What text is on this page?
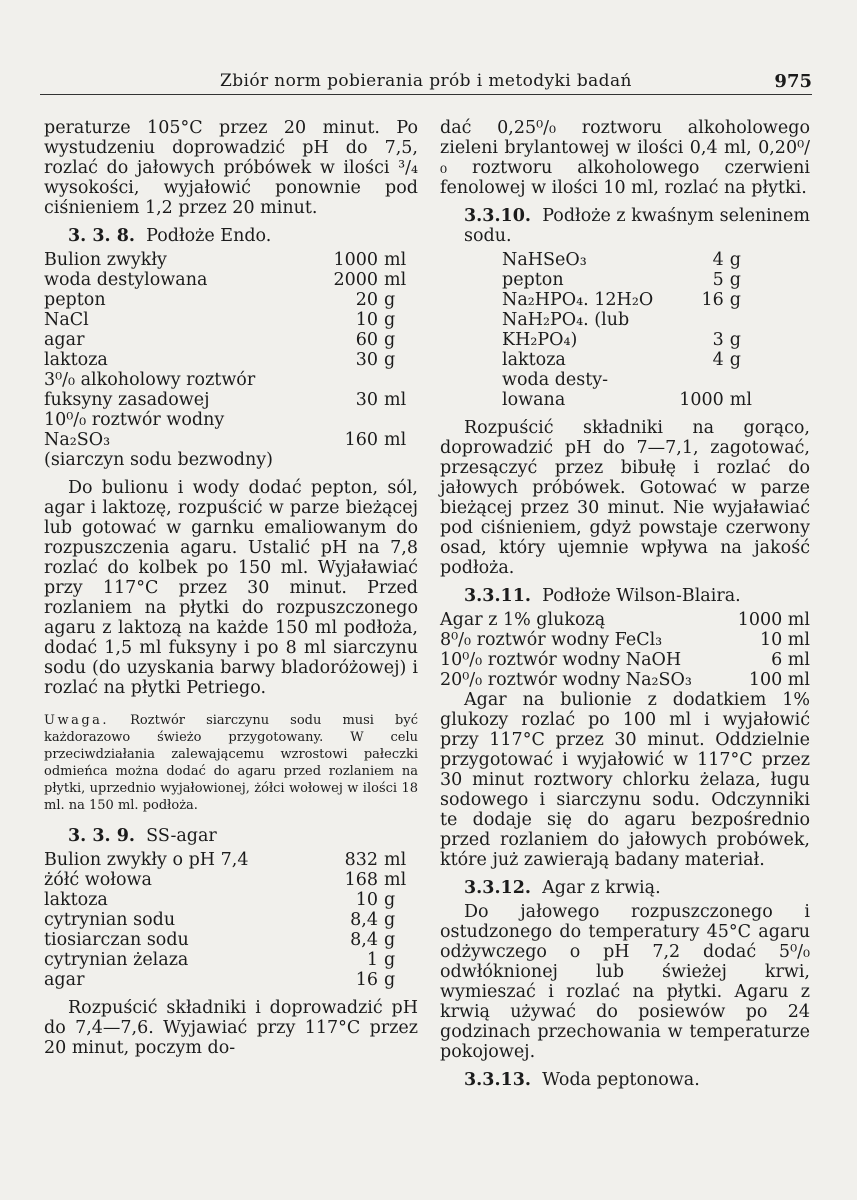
Zbiór norm pobierania prób i metodyki badań	975

peraturze 105°C przez 20 minut. Po wystudzeniu doprowadzić pH do 7,5, rozlać do jałowych próbówek w ilości ³/₄ wysokości, wyjałowić ponownie pod ciśnieniem 1,2 przez 20 minut.

3. 3. 8. Podłoże Endo.
Bulion zwykły	1000	ml
woda destylowana	2000	ml
pepton	20	g
NaCl	10	g
agar	60	g
laktoza	30	g
3⁰/₀ alkoholowy roztwór		
fuksyny zasadowej	30	ml
10⁰/₀ roztwór wodny		
Na₂SO₃	160	ml
(siarczyn sodu bezwodny)		

Do bulionu i wody dodać pepton, sól, agar i laktozę, rozpuścić w parze bieżącej lub gotować w garnku emaliowanym do rozpuszczenia agaru. Ustalić pH na 7,8 rozlać do kolbek po 150 ml. Wyjaławiać przy 117°C przez 30 minut. Przed rozlaniem na płytki do rozpuszczonego agaru z laktozą na każde 150 ml podłoża, dodać 1,5 ml fuksyny i po 8 ml siarczynu sodu (do uzyskania barwy bladoróżowej) i rozlać na płytki Petriego.

Uwaga. Roztwór siarczynu sodu musi być każdorazowo świeżo przygotowany. W celu przeciwdziałania zalewającemu wzrostowi pałeczki odmieńca można dodać do agaru przed rozlaniem na płytki, uprzednio wyjałowionej, żółci wołowej w ilości 18 ml. na 150 ml. podłoża.

3. 3. 9. SS-agar
Bulion zwykły o pH 7,4	832	ml
żółć wołowa	168	ml
laktoza	10	g
cytrynian sodu	8,4	g
tiosiarczan sodu	8,4	g
cytrynian żelaza	1	g
agar	16	g

Rozpuścić składniki i doprowadzić pH do 7,4—7,6. Wyjawiać przy 117°C przez 20 minut, poczym do-

dać 0,25⁰/₀ roztworu alkoholowego zieleni brylantowej w ilości 0,4 ml, 0,20⁰/₀ roztworu alkoholowego czerwieni fenolowej w ilości 10 ml, rozlać na płytki.

3.3.10. Podłoże z kwaśnym seleninem sodu.
NaHSeO₃	4	g
pepton	5	g
Na₂HPO₄. 12H₂O	16	g
NaH₂PO₄. (lub		
KH₂PO₄)	3	g
laktoza	4	g
woda desty-		
lowana	1000	ml

Rozpuścić składniki na gorąco, doprowadzić pH do 7—7,1, zagotować, przesączyć przez bibułę i rozlać do jałowych próbówek. Gotować w parze bieżącej przez 30 minut. Nie wyjaławiać pod ciśnieniem, gdyż powstaje czerwony osad, który ujemnie wpływa na jakość podłoża.

3.3.11. Podłoże Wilson-Blaira.
Agar z 1% glukozą	1000 ml
8⁰/₀ roztwór wodny FeCl₃	10 ml
10⁰/₀ roztwór wodny NaOH	6 ml
20⁰/₀ roztwór wodny Na₂SO₃	100 ml

Agar na bulionie z dodatkiem 1% glukozy rozlać po 100 ml i wyjałowić przy 117°C przez 30 minut. Oddzielnie przygotować i wyjałowić w 117°C przez 30 minut roztwory chlorku żelaza, ługu sodowego i siarczynu sodu. Odczynniki te dodaje się do agaru bezpośrednio przed rozlaniem do jałowych probówek, które już zawierają badany materiał.

3.3.12. Agar z krwią.

Do jałowego rozpuszczonego i ostudzonego do temperatury 45°C agaru odżywczego o pH 7,2 dodać 5⁰/₀ odwłóknionej lub świeżej krwi, wymieszać i rozlać na płytki. Agaru z krwią używać do posiewów po 24 godzinach przechowania w temperaturze pokojowej.

3.3.13. Woda peptonowa.
